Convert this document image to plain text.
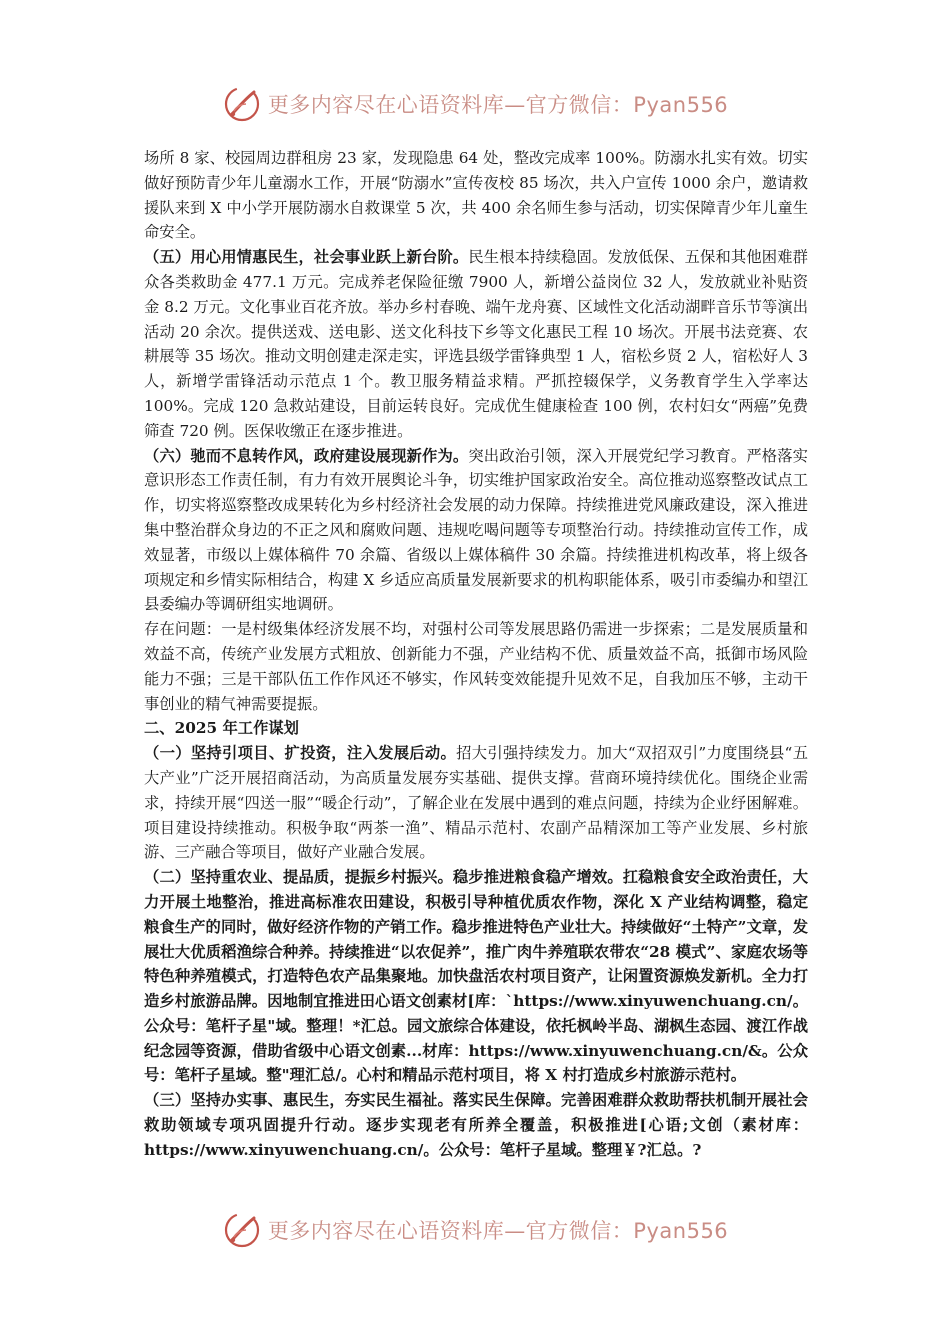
更多内容尽在心语资料库—官方微信：Pyan556

场所 8 家、校园周边群租房 23 家，发现隐患 64 处，整改完成率 100%。防溺水扎实有效。切实做好预防青少年儿童溺水工作，开展“防溺水”宣传夜校 85 场次，共入户宣传 1000 余户，邀请救援队来到 X 中小学开展防溺水自救课堂 5 次，共 400 余名师生参与活动，切实保障青少年儿童生命安全。

（五）用心用情惠民生，社会事业跃上新台阶。民生根本持续稳固。发放低保、五保和其他困难群众各类救助金 477.1 万元。完成养老保险征缴 7900 人，新增公益岗位 32 人，发放就业补贴资金 8.2 万元。文化事业百花齐放。举办乡村春晚、端午龙舟赛、区域性文化活动湖畔音乐节等演出活动 20 余次。提供送戏、送电影、送文化科技下乡等文化惠民工程 10 场次。开展书法竞赛、农耕展等 35 场次。推动文明创建走深走实，评选县级学雷锋典型 1 人，宿松乡贤 2 人，宿松好人 3 人，新增学雷锋活动示范点 1 个。教卫服务精益求精。严抓控辍保学，义务教育学生入学率达 100%。完成 120 急救站建设，目前运转良好。完成优生健康检查 100 例，农村妇女“两癌”免费筛查 720 例。医保收缴正在逐步推进。

（六）驰而不息转作风，政府建设展现新作为。突出政治引领，深入开展党纪学习教育。严格落实意识形态工作责任制，有力有效开展舆论斗争，切实维护国家政治安全。高位推动巡察整改试点工作，切实将巡察整改成果转化为乡村经济社会发展的动力保障。持续推进党风廉政建设，深入推进集中整治群众身边的不正之风和腐败问题、违规吃喝问题等专项整治行动。持续推动宣传工作，成效显著，市级以上媒体稿件 70 余篇、省级以上媒体稿件 30 余篇。持续推进机构改革，将上级各项规定和乡情实际相结合，构建 X 乡适应高质量发展新要求的机构职能体系，吸引市委编办和望江县委编办等调研组实地调研。

存在问题：一是村级集体经济发展不均，对强村公司等发展思路仍需进一步探索；二是发展质量和效益不高，传统产业发展方式粗放、创新能力不强，产业结构不优、质量效益不高，抵御市场风险能力不强；三是干部队伍工作作风还不够实，作风转变效能提升见效不足，自我加压不够，主动干事创业的精气神需要提振。

二、2025 年工作谋划

（一）坚持引项目、扩投资，注入发展后动。招大引强持续发力。加大“双招双引”力度围绕县“五大产业”广泛开展招商活动，为高质量发展夯实基础、提供支撑。营商环境持续优化。围绕企业需求，持续开展“四送一服”“暖企行动”，了解企业在发展中遇到的难点问题，持续为企业纾困解难。项目建设持续推动。积极争取“两茶一渔”、精品示范村、农副产品精深加工等产业发展、乡村旅游、三产融合等项目，做好产业融合发展。

（二）坚持重农业、提品质，提振乡村振兴。稳步推进粮食稳产增效。扛稳粮食安全政治责任，大力开展土地整治，推进高标准农田建设，积极引导种植优质农作物，深化 X 产业结构调整，稳定粮食生产的同时，做好经济作物的产销工作。稳步推进特色产业壮大。持续做好“土特产”文章，发展壮大优质稻渔综合种养。持续推进“以农促养”，推广肉牛养殖联农带农“28 模式”、家庭农场等特色种养殖模式，打造特色农产品集聚地。加快盘活农村项目资产，让闲置资源焕发新机。全力打造乡村旅游品牌。因地制宜推进田心语文创素材[库：`https://www.xinyuwenchuang.cn/。公众号：笔杆子星"域。整理！*汇总。园文旅综合体建设，依托枫岭半岛、湖枫生态园、渡江作战纪念园等资源，借助省级中心语文创素...材库：https://www.xinyuwenchuang.cn/&。公众号：笔杆子星域。整"理汇总/。心村和精品示范村项目，将 X 村打造成乡村旅游示范村。

（三）坚持办实事、惠民生，夯实民生福祉。落实民生保障。完善困难群众救助帮扶机制开展社会救助领域专项巩固提升行动。逐步实现老有所养全覆盖，积极推进[心语;文创（素材库：https://www.xinyuwenchuang.cn/。公众号：笔杆子星域。整理￥?汇总。?

更多内容尽在心语资料库—官方微信：Pyan556
